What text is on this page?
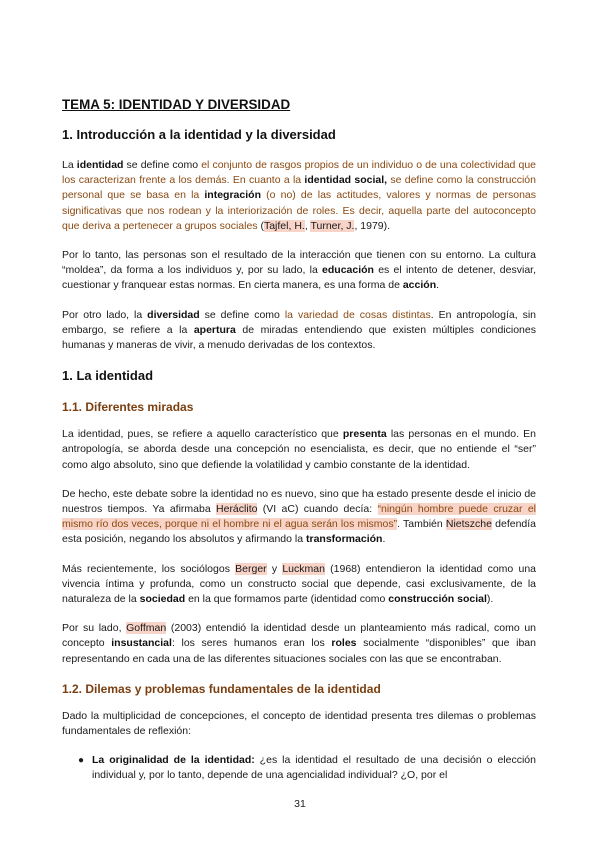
TEMA 5: IDENTIDAD Y DIVERSIDAD
1. Introducción a la identidad y la diversidad

La identidad se define como el conjunto de rasgos propios de un individuo o de una colectividad que los caracterizan frente a los demás. En cuanto a la identidad social, se define como la construcción personal que se basa en la integración (o no) de las actitudes, valores y normas de personas significativas que nos rodean y la interiorización de roles. Es decir, aquella parte del autoconcepto que deriva a pertenecer a grupos sociales (Tajfel, H., Turner, J., 1979).

Por lo tanto, las personas son el resultado de la interacción que tienen con su entorno. La cultura “moldea”, da forma a los individuos y, por su lado, la educación es el intento de detener, desviar, cuestionar y franquear estas normas. En cierta manera, es una forma de acción.

Por otro lado, la diversidad se define como la variedad de cosas distintas. En antropología, sin embargo, se refiere a la apertura de miradas entendiendo que existen múltiples condiciones humanas y maneras de vivir, a menudo derivadas de los contextos.

1. La identidad
1.1. Diferentes miradas

La identidad, pues, se refiere a aquello característico que presenta las personas en el mundo. En antropología, se aborda desde una concepción no esencialista, es decir, que no entiende el “ser” como algo absoluto, sino que defiende la volatilidad y cambio constante de la identidad.

De hecho, este debate sobre la identidad no es nuevo, sino que ha estado presente desde el inicio de nuestros tiempos. Ya afirmaba Heráclito (VI aC) cuando decía: “ningún hombre puede cruzar el mismo río dos veces, porque ni el hombre ni el agua serán los mismos”. También Nietszche defendía esta posición, negando los absolutos y afirmando la transformación.

Más recientemente, los sociólogos Berger y Luckman (1968) entendieron la identidad como una vivencia íntima y profunda, como un constructo social que depende, casi exclusivamente, de la naturaleza de la sociedad en la que formamos parte (identidad como construcción social).

Por su lado, Goffman (2003) entendió la identidad desde un planteamiento más radical, como un concepto insustancial: los seres humanos eran los roles socialmente “disponibles” que iban representando en cada una de las diferentes situaciones sociales con las que se encontraban.

1.2. Dilemas y problemas fundamentales de la identidad

Dado la multiplicidad de concepciones, el concepto de identidad presenta tres dilemas o problemas fundamentales de reflexión:

● La originalidad de la identidad: ¿es la identidad el resultado de una decisión o elección individual y, por lo tanto, depende de una agencialidad individual? ¿O, por el
31
